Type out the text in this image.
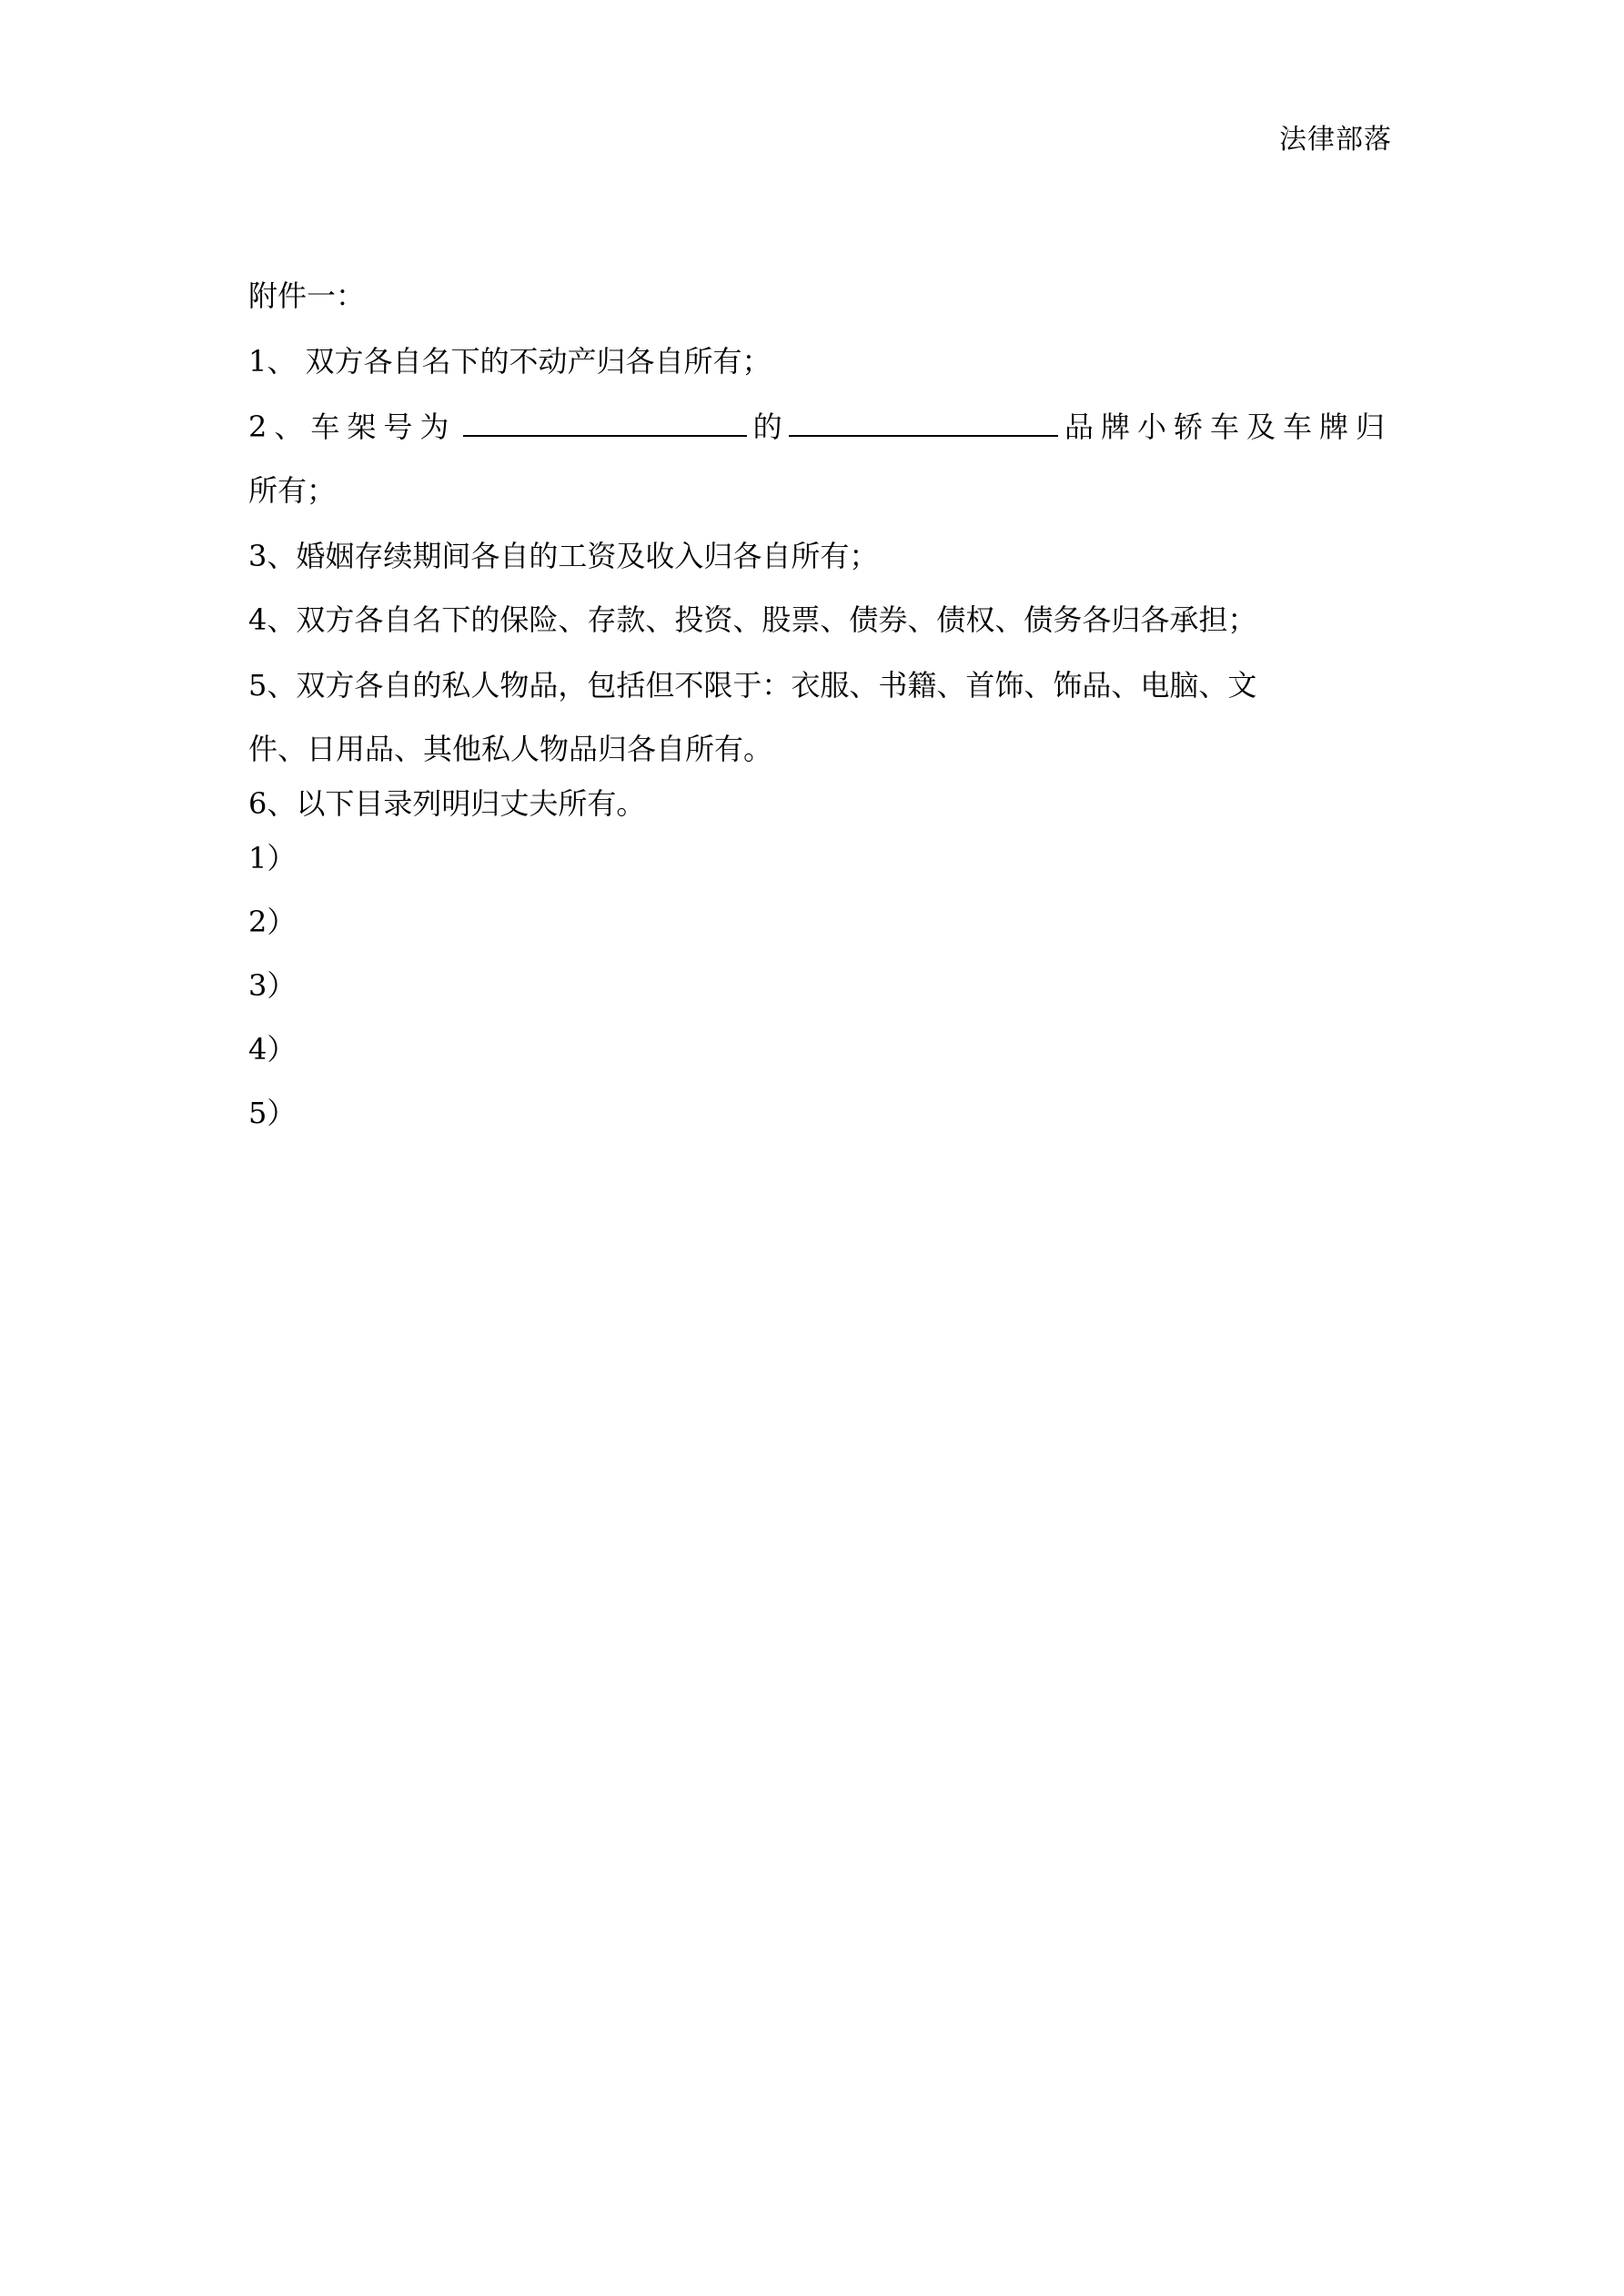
法律部落
附件一：
1、 双方各自名下的不动产归各自所有；
2、车架号为	的	品牌小轿车及车牌归
所有；
3、婚姻存续期间各自的工资及收入归各自所有；
4、双方各自名下的保险、存款、投资、股票、债券、债权、债务各归各承担；
5、双方各自的私人物品，包括但不限于：衣服、书籍、首饰、饰品、电脑、文
件、日用品、其他私人物品归各自所有。
6、以下目录列明归丈夫所有。
1）
2）
3）
4）
5）
